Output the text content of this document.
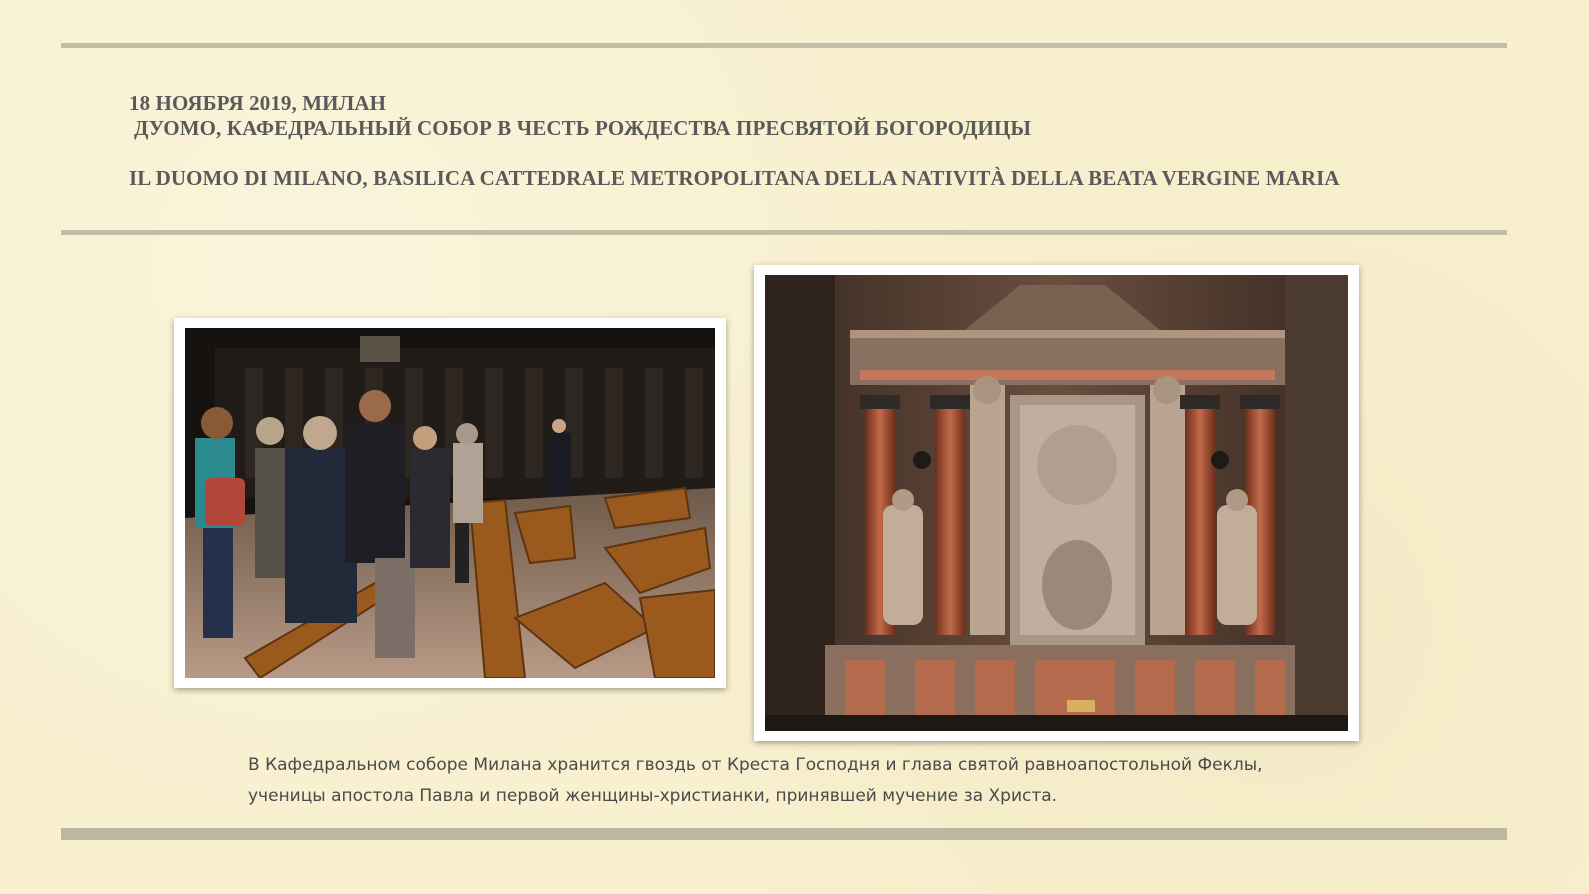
18 НОЯБРЯ 2019, МИЛАН
ДУОМО, КАФЕДРАЛЬНЫЙ СОБОР В ЧЕСТЬ РОЖДЕСТВА ПРЕСВЯТОЙ БОГОРОДИЦЫ
IL DUOMO DI MILANO, BASILICA CATTEDRALE METROPOLITANA DELLA NATIVITÀ DELLA BEATA VERGINE MARIA
В Кафедральном соборе Милана хранится гвоздь от Креста Господня и глава святой равноапостольной Феклы,
ученицы апостола Павла и первой женщины-христианки, принявшей мучение за Христа.
